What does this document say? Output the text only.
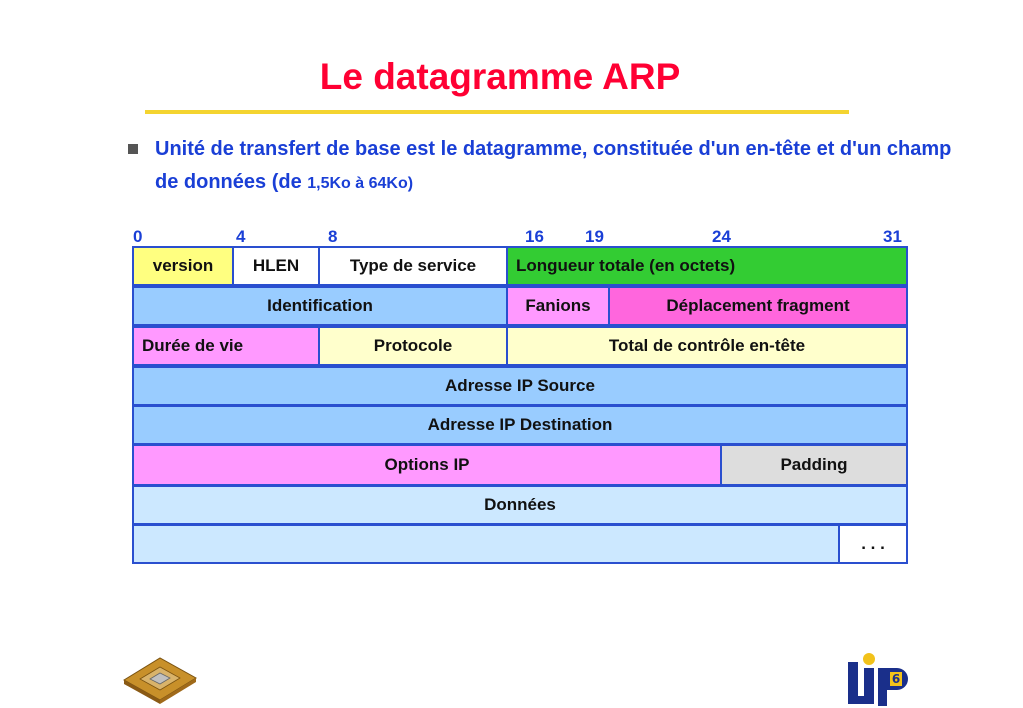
Le datagramme ARP
Unité de transfert de base est le datagramme, constituée d'un en-tête et d'un champ de données (de 1,5Ko à 64Ko)
0	4	8	16 19	24	31
version	HLEN	Type de service	Longueur totale (en octets)
Identification	Fanions	Déplacement fragment
Durée de vie	Protocole	Total de contrôle en-tête
Adresse IP Source
Adresse IP Destination
Options IP	Padding
Données
. . .
6
